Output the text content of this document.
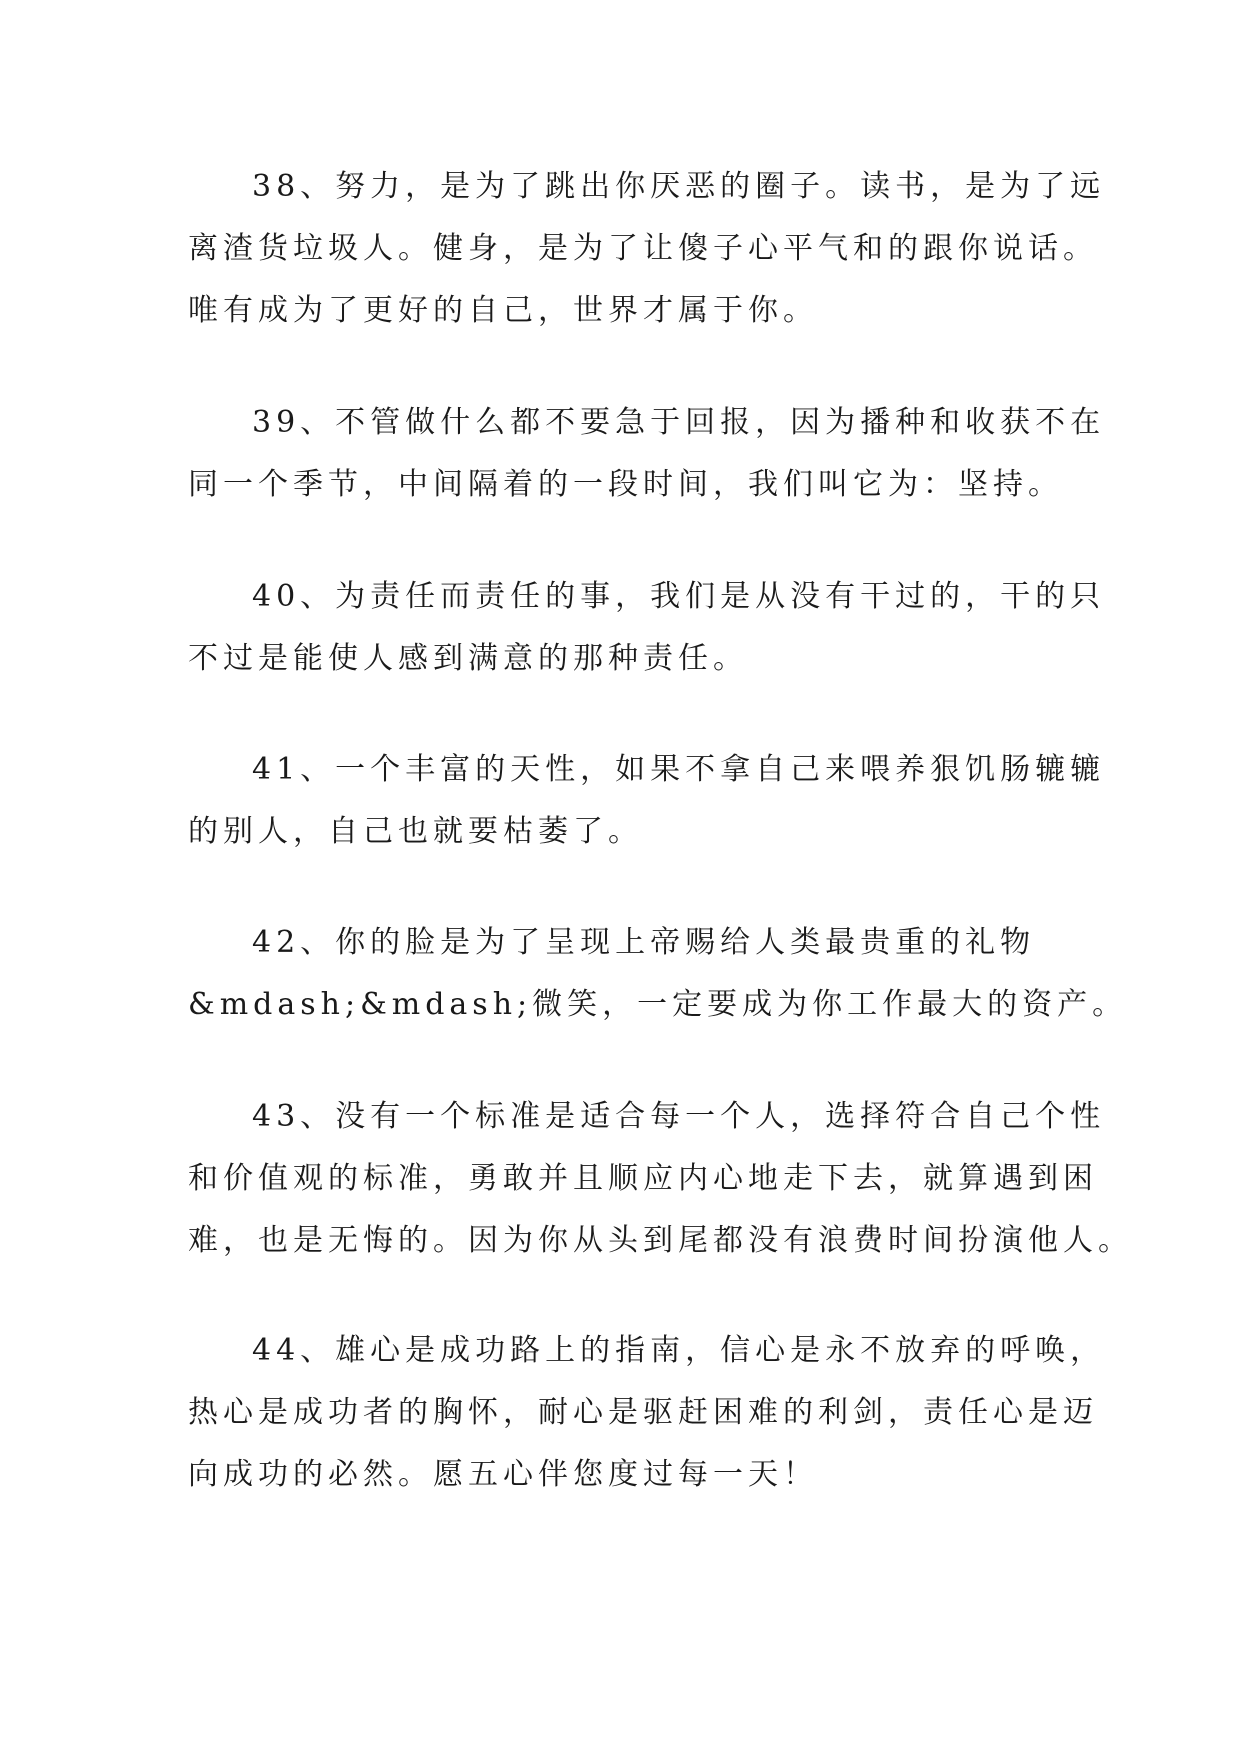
38、努力，是为了跳出你厌恶的圈子。读书，是为了远
离渣货垃圾人。健身，是为了让傻子心平气和的跟你说话。
唯有成为了更好的自己，世界才属于你。

39、不管做什么都不要急于回报，因为播种和收获不在
同一个季节，中间隔着的一段时间，我们叫它为：坚持。

40、为责任而责任的事，我们是从没有干过的，干的只
不过是能使人感到满意的那种责任。

41、一个丰富的天性，如果不拿自己来喂养狠饥肠辘辘
的别人，自己也就要枯萎了。

42、你的脸是为了呈现上帝赐给人类最贵重的礼物
&mdash;&mdash;微笑，一定要成为你工作最大的资产。

43、没有一个标准是适合每一个人，选择符合自己个性
和价值观的标准，勇敢并且顺应内心地走下去，就算遇到困
难，也是无悔的。因为你从头到尾都没有浪费时间扮演他人。

44、雄心是成功路上的指南，信心是永不放弃的呼唤，
热心是成功者的胸怀，耐心是驱赶困难的利剑，责任心是迈
向成功的必然。愿五心伴您度过每一天！
